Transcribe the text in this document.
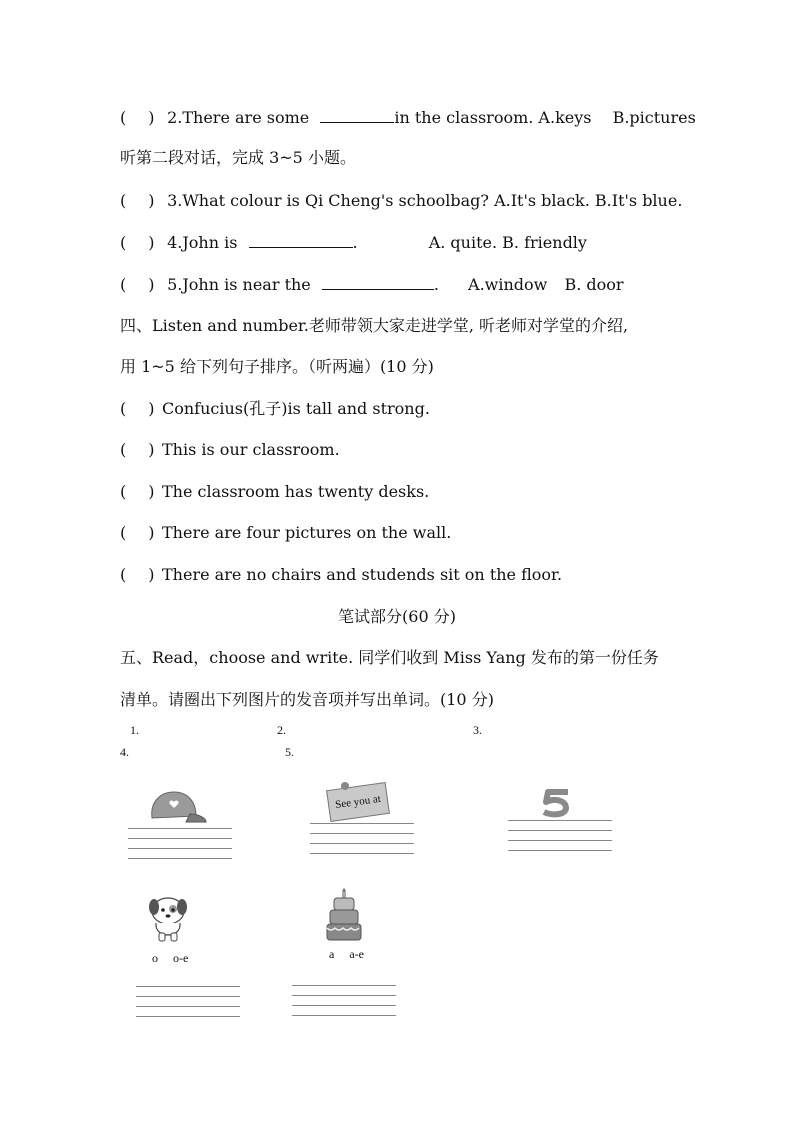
( ) 2.There are some	in the classroom. A.keys B.pictures
听第二段对话，完成 3~5 小题。
( ) 3.What colour is Qi Cheng's schoolbag? A.It's black. B.It's blue.
( ) 4.John is	.	A. quite. B. friendly
( ) 5.John is near the	. A.window B. door
四、Listen and number.老师带领大家走进学堂, 听老师对学堂的介绍,
用 1~5 给下列句子排序。（听两遍）(10 分)
( ) Confucius(孔子)is tall and strong.
( ) This is our classroom.
( ) The classroom has twenty desks.
( ) There are four pictures on the wall.
( ) There are no chairs and studends sit on the floor.
笔试部分(60 分)
五、Read，choose and write. 同学们收到 Miss Yang 发布的第一份任务
清单。请圈出下列图片的发音项并写出单词。(10 分)
1.	2.	3.
4.	5.
See you at
o     o-e	a     a-e
